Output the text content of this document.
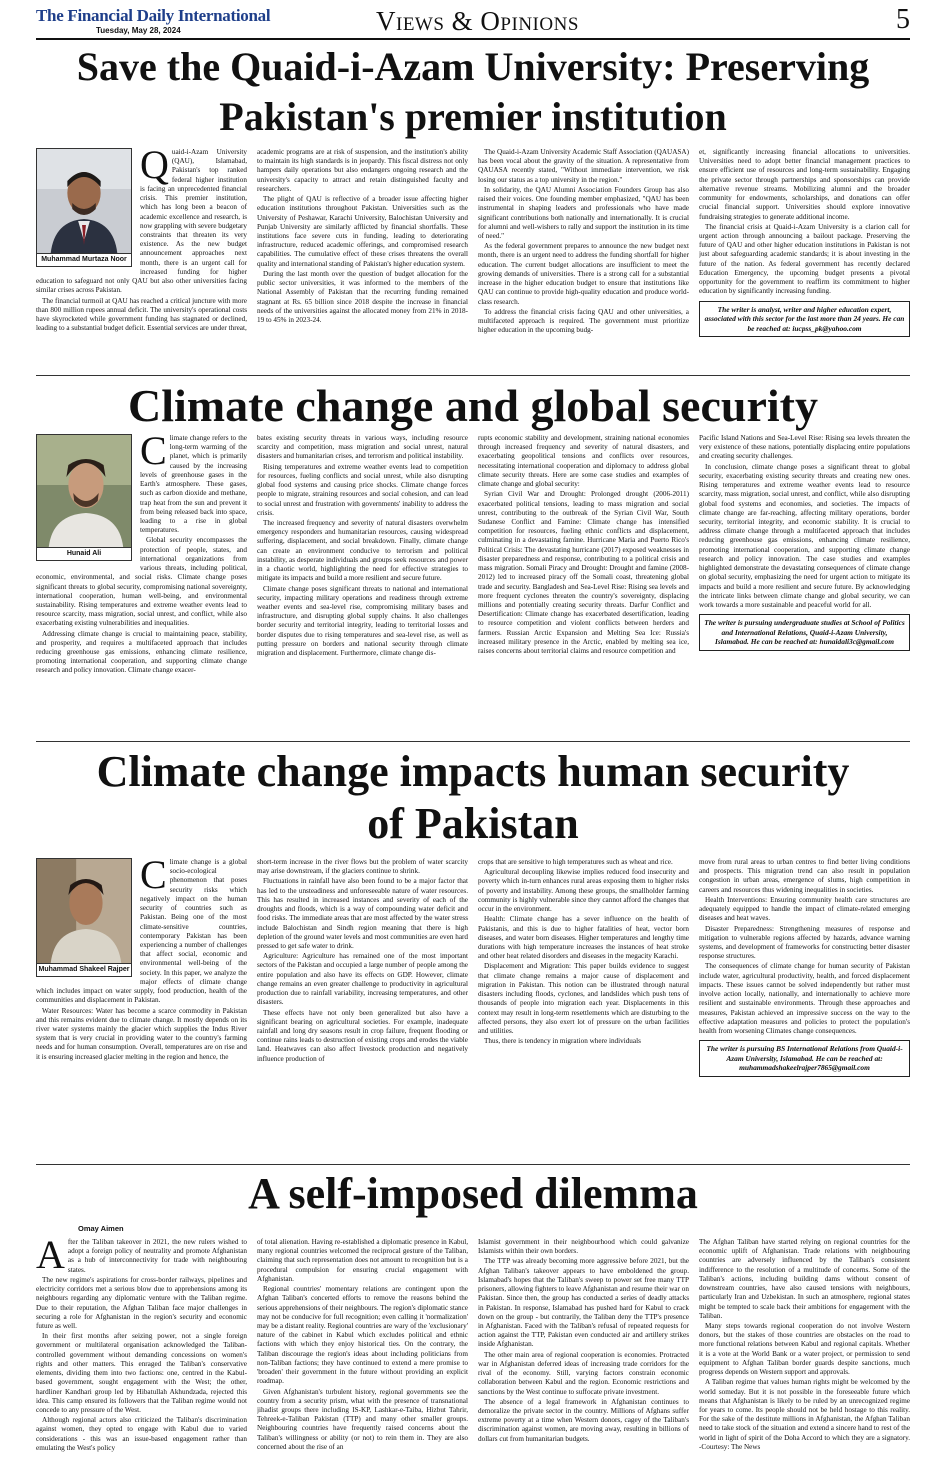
The Financial Daily International
Tuesday, May 28, 2024	Views & Opinions	5
Save the Quaid-i-Azam University: Preserving
Pakistan's premier institution
Muhammad Murtaza Noor
Q uaid-i-Azam University (QAU), Islamabad, Pakistan's top ranked federal higher institution is facing an unprecedented financial crisis. This premier institution, which has long been a beacon of academic excellence and research, is now grappling with severe budgetary constraints that threaten its very existence. As the new budget announcement approaches next month, there is an urgent call for increased funding for higher education to safeguard not only QAU but also other universities facing similar crises across Pakistan.

The financial turmoil at QAU has reached a critical juncture with more than 800 million rupees annual deficit. The university's operational costs have skyrocketed while government funding has stagnated or declined, leading to a substantial budget deficit. Essential services are under threat,

academic programs are at risk of suspension, and the institution's ability to maintain its high standards is in jeopardy. This fiscal distress not only hampers daily operations but also endangers ongoing research and the university's capacity to attract and retain distinguished faculty and researchers.

The plight of QAU is reflective of a broader issue affecting higher education institutions throughout Pakistan. Universities such as the University of Peshawar, Karachi University, Balochistan University and Punjab University are similarly afflicted by financial shortfalls. These institutions face severe cuts in funding, leading to deteriorating infrastructure, reduced academic offerings, and compromised research capabilities. The cumulative effect of these crises threatens the overall quality and international standing of Pakistan's higher education system.

During the last month over the question of budget allocation for the public sector universities, it was informed to the members of the National Assembly of Pakistan that the recurring funding remained stagnant at Rs. 65 billion since 2018 despite the increase in financial needs of the universities against the allocated money from 21% in 2018-19 to 45% in 2023-24.

The Quaid-i-Azam University Academic Staff Association (QAUASA) has been vocal about the gravity of the situation. A representative from QAUASA recently stated, "Without immediate intervention, we risk losing our status as a top university in the region."

In solidarity, the QAU Alumni Association Founders Group has also raised their voices. One founding member emphasized, "QAU has been instrumental in shaping leaders and professionals who have made significant contributions both nationally and internationally. It is crucial for alumni and well-wishers to rally and support the institution in its time of need."

As the federal government prepares to announce the new budget next month, there is an urgent need to address the funding shortfall for higher education. The current budget allocations are insufficient to meet the growing demands of universities. There is a strong call for a substantial increase in the higher education budget to ensure that institutions like QAU can continue to provide high-quality education and produce world-class research.

To address the financial crisis facing QAU and other universities, a multifaceted approach is required. The government must prioritize higher education in the upcoming budg-

et, significantly increasing financial allocations to universities. Universities need to adopt better financial management practices to ensure efficient use of resources and long-term sustainability. Engaging the private sector through partnerships and sponsorships can provide alternative revenue streams. Mobilizing alumni and the broader community for endowments, scholarships, and donations can offer crucial financial support. Universities should explore innovative fundraising strategies to generate additional income.

The financial crisis at Quaid-i-Azam University is a clarion call for urgent action through announcing a bailout package. Preserving the future of QAU and other higher education institutions in Pakistan is not just about safeguarding academic standards; it is about investing in the future of the nation. As federal government has recently declared Education Emergency, the upcoming budget presents a pivotal opportunity for the government to reaffirm its commitment to higher education by significantly increasing funding.

The writer is analyst, writer and higher education expert, associated with this sector for the last more than 24 years. He can be reached at: iucpss_pk@yahoo.com
Climate change and global security
Hunaid Ali
C limate change refers to the long-term warming of the planet, which is primarily caused by the increasing levels of greenhouse gases in the Earth's atmosphere. These gases, such as carbon dioxide and methane, trap heat from the sun and prevent it from being released back into space, leading to a rise in global temperatures.

Global security encompasses the protection of people, states, and international organizations from various threats, including political, economic, environmental, and social risks. Climate change poses significant threats to global security, compromising national sovereignty, international cooperation, human well-being, and environmental sustainability. Rising temperatures and extreme weather events lead to resource scarcity, mass migration, social unrest, and conflict, while also exacerbating existing vulnerabilities and inequalities.

Addressing climate change is crucial to maintaining peace, stability, and prosperity, and requires a multifaceted approach that includes reducing greenhouse gas emissions, enhancing climate resilience, promoting international cooperation, and supporting climate change research and policy innovation. Climate change exacer-

bates existing security threats in various ways, including resource scarcity and competition, mass migration and social unrest, natural disasters and humanitarian crises, and terrorism and political instability.

Rising temperatures and extreme weather events lead to competition for resources, fueling conflicts and social unrest, while also disrupting global food systems and causing price shocks. Climate change forces people to migrate, straining resources and social cohesion, and can lead to social unrest and frustration with governments' inability to address the crisis.

The increased frequency and severity of natural disasters overwhelm emergency responders and humanitarian resources, causing widespread suffering, displacement, and social breakdown. Finally, climate change can create an environment conducive to terrorism and political instability, as desperate individuals and groups seek resources and power in a chaotic world, highlighting the need for effective strategies to mitigate its impacts and build a more resilient and secure future.

Climate change poses significant threats to national and international security, impacting military operations and readiness through extreme weather events and sea-level rise, compromising military bases and infrastructure, and disrupting global supply chains. It also challenges border security and territorial integrity, leading to territorial losses and border disputes due to rising temperatures and sea-level rise, as well as putting pressure on borders and national security through climate migration and displacement. Furthermore, climate change dis-

rupts economic stability and development, straining national economies through increased frequency and severity of natural disasters, and exacerbating geopolitical tensions and conflicts over resources, necessitating international cooperation and diplomacy to address global climate security threats. Here are some case studies and examples of climate change and global security:

Syrian Civil War and Drought: Prolonged drought (2006-2011) exacerbated political tensions, leading to mass migration and social unrest, contributing to the outbreak of the Syrian Civil War, South Sudanese Conflict and Famine: Climate change has intensified competition for resources, fueling ethnic conflicts and displacement, culminating in a devastating famine. Hurricane Maria and Puerto Rico's Political Crisis: The devastating hurricane (2017) exposed weaknesses in disaster preparedness and response, contributing to a political crisis and mass migration. Somali Piracy and Drought: Drought and famine (2008-2012) led to increased piracy off the Somali coast, threatening global trade and security. Bangladesh and Sea-Level Rise: Rising sea levels and more frequent cyclones threaten the country's sovereignty, displacing millions and potentially creating security threats. Darfur Conflict and Desertification: Climate change has exacerbated desertification, leading to resource competition and violent conflicts between herders and farmers. Russian Arctic Expansion and Melting Sea Ice: Russia's increased military presence in the Arctic, enabled by melting sea ice, raises concerns about territorial claims and resource competition and

Pacific Island Nations and Sea-Level Rise: Rising sea levels threaten the very existence of these nations, potentially displacing entire populations and creating security challenges.

In conclusion, climate change poses a significant threat to global security, exacerbating existing security threats and creating new ones. Rising temperatures and extreme weather events lead to resource scarcity, mass migration, social unrest, and conflict, while also disrupting global food systems and economies, and societies. The impacts of climate change are far-reaching, affecting military operations, border security, territorial integrity, and economic stability. It is crucial to address climate change through a multifaceted approach that includes reducing greenhouse gas emissions, enhancing climate resilience, promoting international cooperation, and supporting climate change research and policy innovation. The case studies and examples highlighted demonstrate the devastating consequences of climate change on global security, emphasizing the need for urgent action to mitigate its impacts and build a more resilient and secure future. By acknowledging the intricate links between climate change and global security, we can work towards a more sustainable and peaceful world for all.

The writer is pursuing undergraduate studies at School of Politics and International Relations, Quaid-i-Azam University, Islamabad. He can be reached at: hunaidali3c@gmail.com
Climate change impacts human security
of Pakistan
Muhammad Shakeel Rajper
C limate change is a global socio-ecological phenomenon that poses security risks which negatively impact on the human security of countries such as Pakistan. Being one of the most climate-sensitive countries, contemporary Pakistan has been experiencing a number of challenges that affect social, economic and environmental well-being of the society. In this paper, we analyze the major effects of climate change which includes impact on water supply, food production, health of the communities and displacement in Pakistan.

Water Resources: Water has become a scarce commodity in Pakistan and this remains evident due to climate change. It mostly depends on its river water systems mainly the glacier which supplies the Indus River system that is very crucial in providing water to the country's farming needs and for human consumption. Overall, temperatures are on rise and it is ensuring increased glacier melting in the region and hence, the

short-term increase in the river flows but the problem of water scarcity may arise downstream, if the glaciers continue to shrink.

Fluctuations in rainfall have also been found to be a major factor that has led to the unsteadiness and unforeseeable nature of water resources. This has resulted in increased instances and severity of each of the droughts and floods, which is a way of compounding water deficit and food risks. The immediate areas that are most affected by the water stress include Balochistan and Sindh region meaning that there is high depletion of the ground water levels and most communities are even hard pressed to get safe water to drink.

Agriculture: Agriculture has remained one of the most important sectors of the Pakistan and occupied a large number of people among the entire population and also have its effects on GDP. However, climate change remains an even greater challenge to productivity in agricultural production due to rainfall variability, increasing temperatures, and other disasters.

These effects have not only been generalized but also have a significant bearing on agricultural societies. For example, inadequate rainfall and long dry seasons result in crop failure, frequent flooding or continue rains leads to destruction of existing crops and erodes the viable land. Heatwaves can also affect livestock production and negatively influence production of

crops that are sensitive to high temperatures such as wheat and rice.

Agricultural decoupling likewise implies reduced food insecurity and poverty which in-turn enhances rural areas exposing them to higher risks of poverty and instability. Among these groups, the smallholder farming community is highly vulnerable since they cannot afford the changes that occur in the environment.

Health: Climate change has a sever influence on the health of Pakistanis, and this is due to higher fatalities of heat, vector born diseases, and water born diseases. Higher temperatures and lengthy time durations with high temperature increases the instances of heat stroke and other heat related disorders and diseases in the megacity Karachi.

Displacement and Migration: This paper builds evidence to suggest that climate change remains a major cause of displacement and migration in Pakistan. This notion can be illustrated through natural disasters including floods, cyclones, and landslides which push tens of thousands of people into migration each year. Displacements in this context may result in long-term resettlements which are disturbing to the affected persons, they also exert lot of pressure on the urban facilities and utilities.

Thus, there is tendency in migration where individuals

move from rural areas to urban centres to find better living conditions and prospects. This migration trend can also result in population congestion in urban areas, emergence of slums, high competition in careers and resources thus widening inequalities in societies.

Health Interventions: Ensuring community health care structures are adequately equipped to handle the impact of climate-related emerging diseases and heat waves.

Disaster Preparedness: Strengthening measures of response and mitigation to vulnerable regions affected by hazards, advance warning systems, and development of frameworks for constructing better disaster response structures.

The consequences of climate change for human security of Pakistan include water, agricultural productivity, health, and forced displacement impacts. These issues cannot be solved independently but rather must involve action locally, nationally, and internationally to achieve more resilient and sustainable environments. Through these approaches and measures, Pakistan achieved an impressive success on the way to the effective adaptation measures and policies to protect the population's health from worsening Climates change consequences.

The writer is pursuing BS International Relations from Quaid-i-Azam University, Islamabad. He can be reached at: muhammadshakeelrajper7865@gmail.com
A self-imposed dilemma
Omay Aimen
A fter the Taliban takeover in 2021, the new rulers wished to adopt a foreign policy of neutrality and promote Afghanistan as a hub of interconnectivity for trade with neighbouring states.

The new regime's aspirations for cross-border railways, pipelines and electricity corridors met a serious blow due to apprehensions among its neighbours regarding any diplomatic venture with the Taliban regime. Due to their reputation, the Afghan Taliban face major challenges in securing a role for Afghanistan in the region's security and economic future as well.

In their first months after seizing power, not a single foreign government or multilateral organisation acknowledged the Taliban-controlled government without demanding concessions on women's rights and other matters. This enraged the Taliban's conservative elements, dividing them into two factions: one, centred in the Kabul-based government, sought engagement with the West; the other, hardliner Kandhari group led by Hibatullah Akhundzada, rejected this idea. This camp ensured its followers that the Taliban regime would not concede to any pressure of the West.

Although regional actors also criticized the Taliban's discrimination against women, they opted to engage with Kabul due to varied considerations - this was an issue-based engagement rather than emulating the West's policy

of total alienation. Having re-established a diplomatic presence in Kabul, many regional countries welcomed the reciprocal gesture of the Taliban, claiming that such representation does not amount to recognition but is a procedural compulsion for ensuring crucial engagement with Afghanistan.

Regional countries' momentary relations are contingent upon the Afghan Taliban's concerted efforts to remove the reasons behind the serious apprehensions of their neighbours. The region's diplomatic stance may not be conducive for full recognition; even calling it 'normalization' may be a distant reality. Regional countries are wary of the 'exclusionary' nature of the cabinet in Kabul which excludes political and ethnic factions with which they enjoy historical ties. On the contrary, the Taliban discourage the region's ideas about including politicians from non-Taliban factions; they have continued to extend a mere promise to 'broaden' their government in the future without providing an explicit roadmap.

Given Afghanistan's turbulent history, regional governments see the country from a security prism, what with the presence of transnational jihadist groups there including IS-KP, Lashkar-e-Taiba, Hizbut Tahrir, Tehreek-e-Taliban Pakistan (TTP) and many other smaller groups. Neighbouring countries have frequently raised concerns about the Taliban's willingness or ability (or not) to rein them in. They are also concerned about the rise of an

Islamist government in their neighbourhood which could galvanize Islamists within their own borders.

The TTP was already becoming more aggressive before 2021, but the Afghan Taliban's takeover appears to have emboldened the group. Islamabad's hopes that the Taliban's sweep to power set free many TTP prisoners, allowing fighters to leave Afghanistan and resume their war on Pakistan. Since then, the group has conducted a series of deadly attacks in Pakistan. In response, Islamabad has pushed hard for Kabul to crack down on the group - but contrarily, the Taliban deny the TTP's presence in Afghanistan. Faced with the Taliban's refusal of repeated requests for action against the TTP, Pakistan even conducted air and artillery strikes inside Afghanistan.

The other main area of regional cooperation is economies. Protracted war in Afghanistan deferred ideas of increasing trade corridors for the rival of the economy. Still, varying factors constrain economic collaboration between Kabul and the region. Economic restrictions and sanctions by the West continue to suffocate private investment.

The absence of a legal framework in Afghanistan continues to demoralize the private sector in the country. Millions of Afghans suffer extreme poverty at a time when Western donors, cagey of the Taliban's discrimination against women, are moving away, resulting in billions of dollars cut from humanitarian budgets.

The Afghan Taliban have started relying on regional countries for the economic uplift of Afghanistan. Trade relations with neighbouring countries are adversely influenced by the Taliban's consistent indifference to the resolution of a multitude of concerns. Some of the Taliban's actions, including building dams without consent of downstream countries, have also caused tensions with neighbours, particularly Iran and Uzbekistan. In such an atmosphere, regional states might be tempted to scale back their ambitions for engagement with the Taliban.

Many steps towards regional cooperation do not involve Western donors, but the stakes of those countries are obstacles on the road to more functional relations between Kabul and regional capitals. Whether it is a vote at the World Bank or a water project, or permission to send equipment to Afghan Taliban border guards despite sanctions, much progress depends on Western support and approvals.

A Taliban regime that values human rights might be welcomed by the world someday. But it is not possible in the foreseeable future which means that Afghanistan is likely to be ruled by an unrecognized regime for years to come. Its people should not be held hostage to this reality. For the sake of the destitute millions in Afghanistan, the Afghan Taliban need to take stock of the situation and extend a sincere hand to rest of the world in light of spirit of the Doha Accord to which they are a signatory. -Courtesy: The News
